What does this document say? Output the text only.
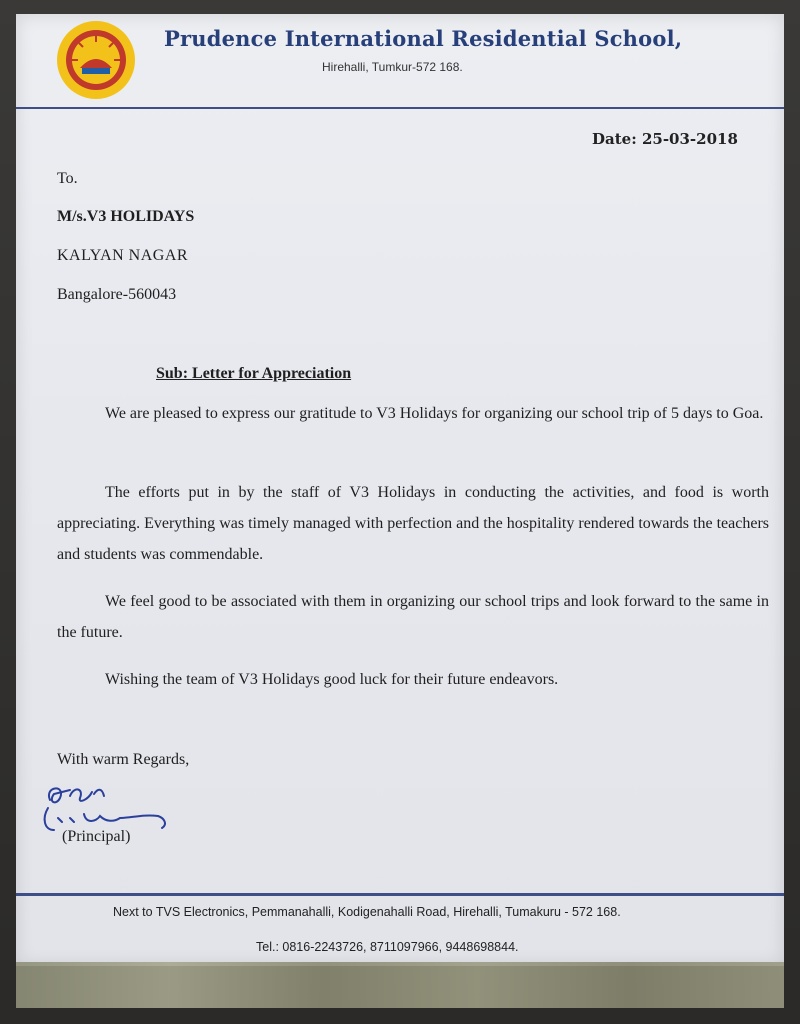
Prudence International Residential School,
Hirehalli, Tumkur-572 168.
Date: 25-03-2018
To.
M/s.V3 HOLIDAYS
KALYAN NAGAR
Bangalore-560043
Sub: Letter for Appreciation
We are pleased to express our gratitude to V3 Holidays for organizing our school trip of 5 days to Goa.
The efforts put in by the staff of V3 Holidays in conducting the activities, and food is worth appreciating. Everything was timely managed with perfection and the hospitality rendered towards the teachers and students was commendable.
We feel good to be associated with them in organizing our school trips and look forward to the same in the future.
Wishing the team of V3 Holidays good luck for their future endeavors.
With warm Regards,
(Principal)
Next to TVS Electronics, Pemmanahalli, Kodigenahalli Road, Hirehalli, Tumakuru - 572 168.
Tel.: 0816-2243726, 8711097966, 9448698844.
